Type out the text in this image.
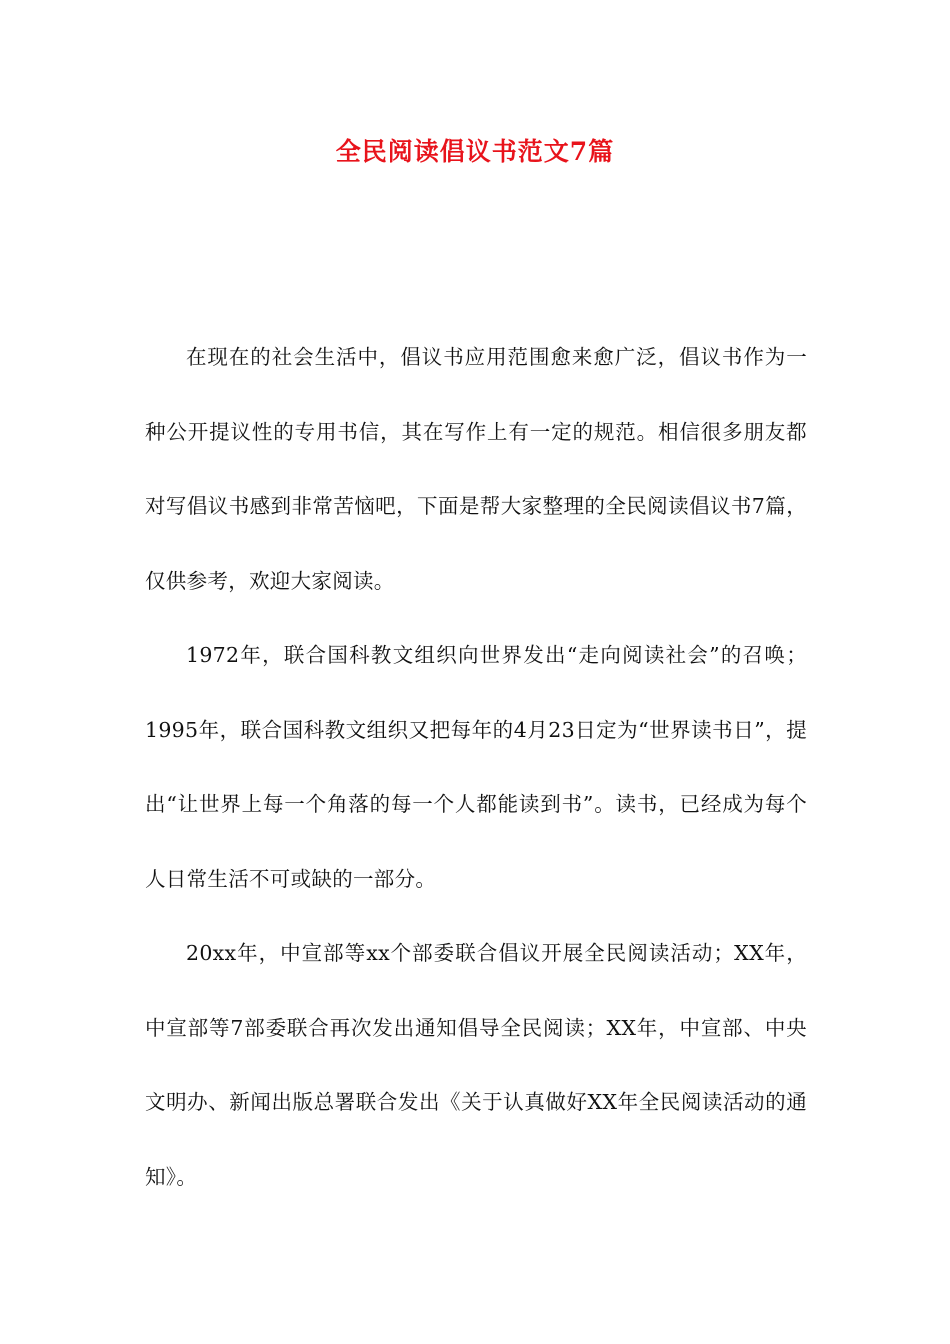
全民阅读倡议书范文7篇

在现在的社会生活中，倡议书应用范围愈来愈广泛，倡议书作为一种公开提议性的专用书信，其在写作上有一定的规范。相信很多朋友都对写倡议书感到非常苦恼吧，下面是帮大家整理的全民阅读倡议书7篇，仅供参考，欢迎大家阅读。

1972年，联合国科教文组织向世界发出“走向阅读社会”的召唤；1995年，联合国科教文组织又把每年的4月23日定为“世界读书日”，提出“让世界上每一个角落的每一个人都能读到书”。读书，已经成为每个人日常生活不可或缺的一部分。

20xx年，中宣部等xx个部委联合倡议开展全民阅读活动；XX年，中宣部等7部委联合再次发出通知倡导全民阅读；XX年，中宣部、中央文明办、新闻出版总署联合发出《关于认真做好XX年全民阅读活动的通知》。
